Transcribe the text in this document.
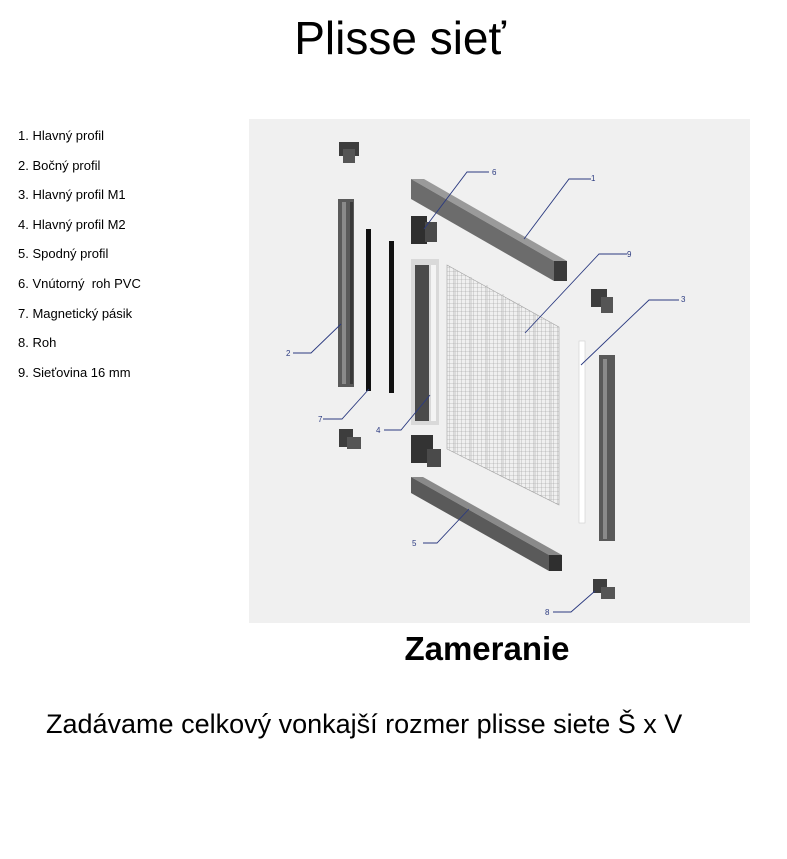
Plisse sieť
1. Hlavný profil
2. Bočný profil
3. Hlavný profil M1
4. Hlavný profil M2
5. Spodný profil
6. Vnútorný  roh PVC
7. Magnetický pásik
8. Roh
9. Sieťovina 16 mm
1
2
3
4
5
6
7
8
9
Zameranie

Zadávame celkový vonkajší rozmer plisse siete Š x V
